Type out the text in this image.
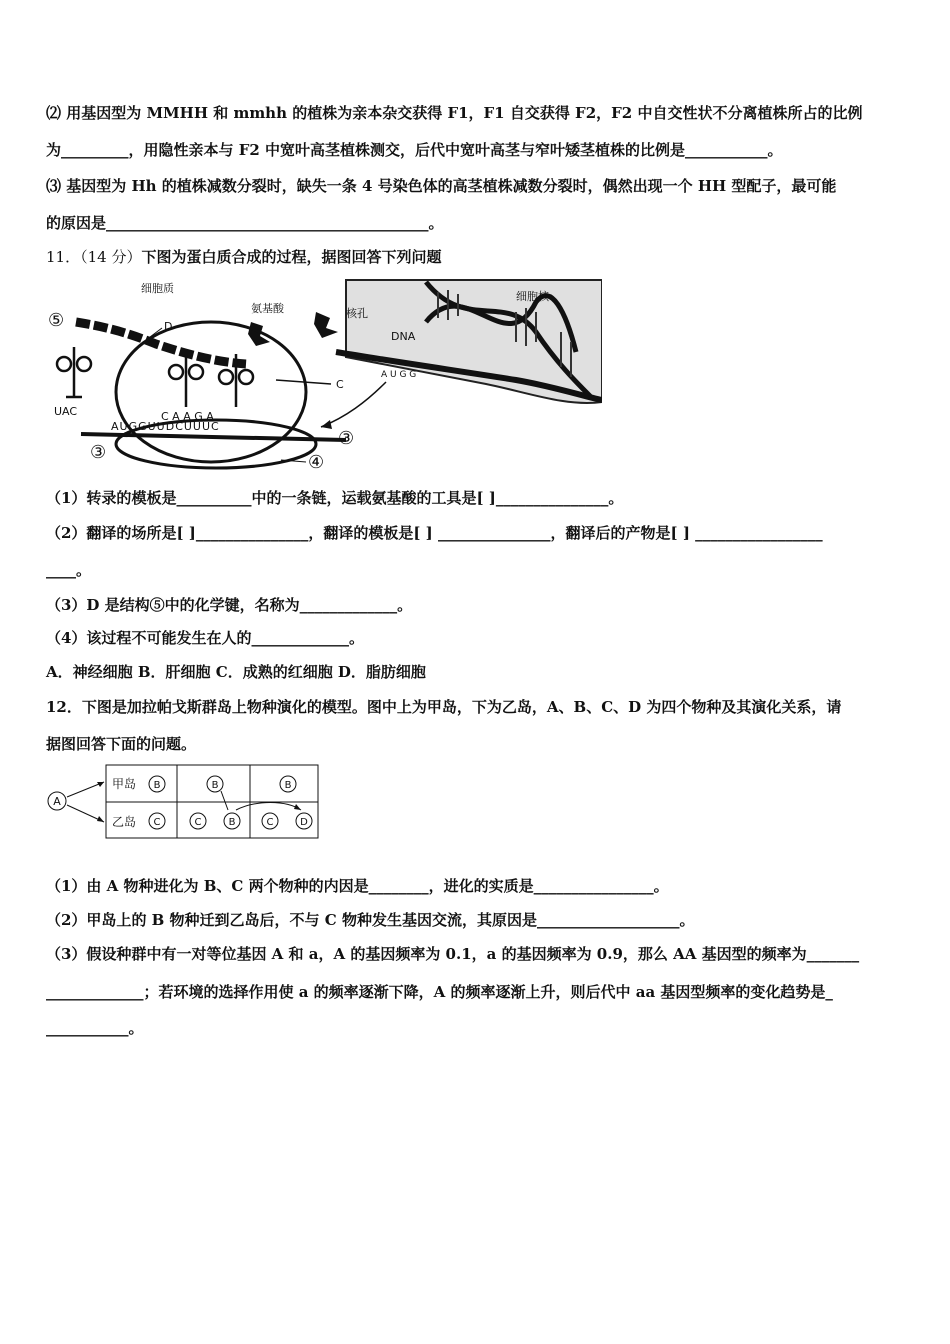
⑵ 用基因型为 MMHH 和 mmhh 的植株为亲本杂交获得 F1，F1 自交获得 F2，F2 中自交性状不分离植株所占的比例
为_________，用隐性亲本与 F2 中宽叶高茎植株测交，后代中宽叶高茎与窄叶矮茎植株的比例是___________。
⑶ 基因型为 Hh 的植株减数分裂时，缺失一条 4 号染色体的高茎植株减数分裂时，偶然出现一个 HH 型配子，最可能
的原因是___________________________________________。
11．（14 分）下图为蛋白质合成的过程，据图回答下列问题
细胞核
核孔
DNA
细胞质
氨基酸
⑤	D
C
UAC	C A A G A
AUGGUUDCUUUC
A U G G
③
③	④
（1）转录的模板是__________中的一条链，运载氨基酸的工具是[ ]_______________。
（2）翻译的场所是[ ]_______________，翻译的模板是[ ] _______________，翻译后的产物是[ ] _________________
____。
（3）D 是结构⑤中的化学键，名称为_____________。
（4）该过程不可能发生在人的_____________。
A．神经细胞 B．肝细胞 C．成熟的红细胞 D．脂肪细胞
12．下图是加拉帕戈斯群岛上物种演化的模型。图中上为甲岛，下为乙岛，A、B、C、D 为四个物种及其演化关系，请
据图回答下面的问题。
A
甲岛
乙岛
B
C
B
C	B
B
C	D
（1）由 A 物种进化为 B、C 两个物种的内因是________，进化的实质是________________。
（2）甲岛上的 B 物种迁到乙岛后，不与 C 物种发生基因交流，其原因是___________________。
（3）假设种群中有一对等位基因 A 和 a，A 的基因频率为 0.1，a 的基因频率为 0.9，那么 AA 基因型的频率为_______
_____________；若环境的选择作用使 a 的频率逐渐下降，A 的频率逐渐上升，则后代中 aa 基因型频率的变化趋势是_
___________。
